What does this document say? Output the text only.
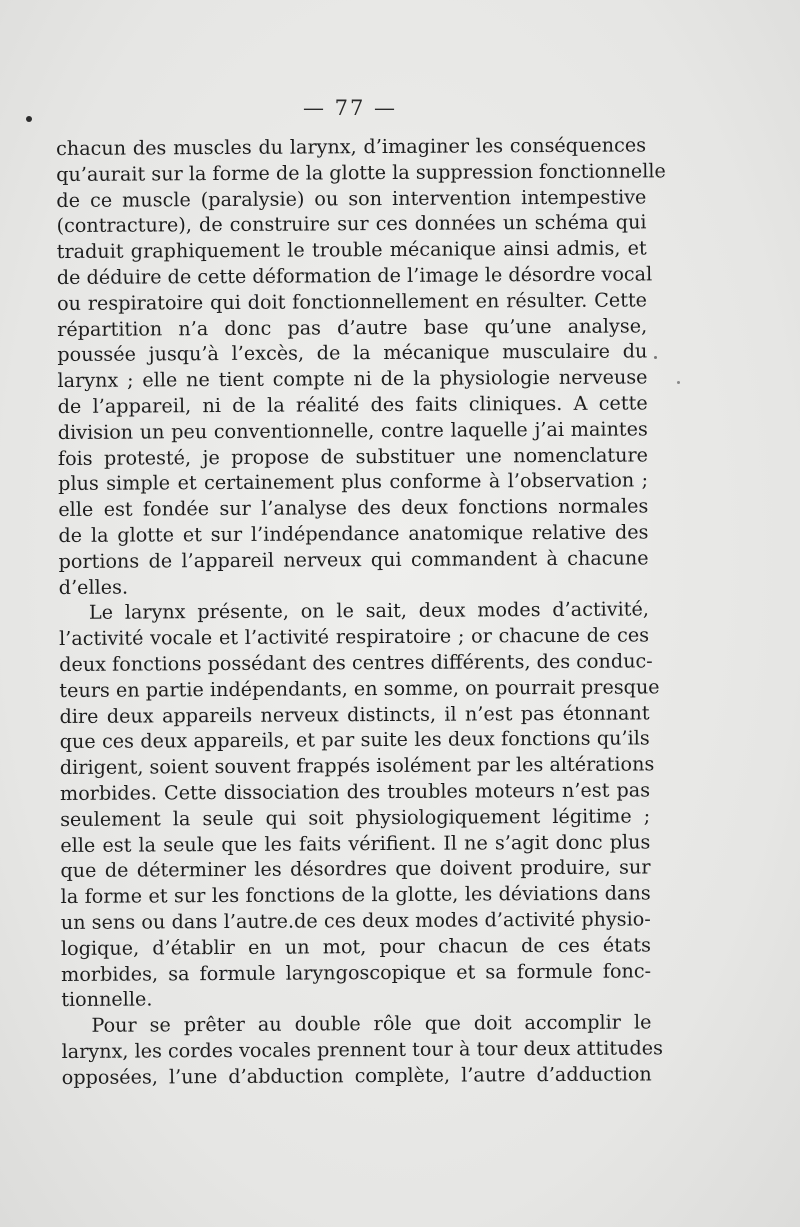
— 77 —
chacun des muscles du larynx, d’imaginer les conséquences
qu’aurait sur la forme de la glotte la suppression fonctionnelle
de ce muscle (paralysie) ou son intervention intempestive
(contracture), de construire sur ces données un schéma qui
traduit graphiquement le trouble mécanique ainsi admis, et
de déduire de cette déformation de l’image le désordre vocal
ou respiratoire qui doit fonctionnellement en résulter. Cette
répartition n’a donc pas d’autre base qu’une analyse,
poussée jusqu’à l’excès, de la mécanique musculaire du
larynx ; elle ne tient compte ni de la physiologie nerveuse
de l’appareil, ni de la réalité des faits cliniques. A cette
division un peu conventionnelle, contre laquelle j’ai maintes
fois protesté, je propose de substituer une nomenclature
plus simple et certainement plus conforme à l’observation ;
elle est fondée sur l’analyse des deux fonctions normales
de la glotte et sur l’indépendance anatomique relative des
portions de l’appareil nerveux qui commandent à chacune
d’elles.
Le larynx présente, on le sait, deux modes d’activité,
l’activité vocale et l’activité respiratoire ; or chacune de ces
deux fonctions possédant des centres différents, des conduc-
teurs en partie indépendants, en somme, on pourrait presque
dire deux appareils nerveux distincts, il n’est pas étonnant
que ces deux appareils, et par suite les deux fonctions qu’ils
dirigent, soient souvent frappés isolément par les altérations
morbides. Cette dissociation des troubles moteurs n’est pas
seulement la seule qui soit physiologiquement légitime ;
elle est la seule que les faits vérifient. Il ne s’agit donc plus
que de déterminer les désordres que doivent produire, sur
la forme et sur les fonctions de la glotte, les déviations dans
un sens ou dans l’autre.de ces deux modes d’activité physio-
logique, d’établir en un mot, pour chacun de ces états
morbides, sa formule laryngoscopique et sa formule fonc-
tionnelle.
Pour se prêter au double rôle que doit accomplir le
larynx, les cordes vocales prennent tour à tour deux attitudes
opposées, l’une d’abduction complète, l’autre d’adduction
